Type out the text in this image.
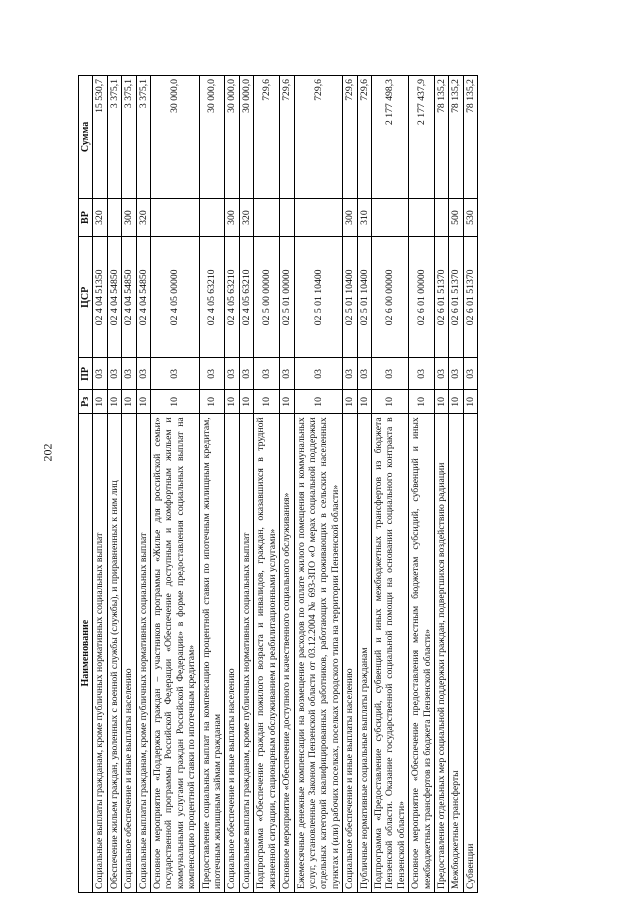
202
Наименование	Рз	ПР	ЦСР	ВР	Сумма
Социальные выплаты гражданам, кроме публичных нормативных социальных выплат	10	03	02 4 04 51350	320	15 530,7
Обеспечение жильем граждан, уволенных с военной службы (службы), и приравненных к ним лиц	10	03	02 4 04 54850		3 375,1
Социальное обеспечение и иные выплаты населению	10	03	02 4 04 54850	300	3 375,1
Социальные выплаты гражданам, кроме публичных нормативных социальных выплат	10	03	02 4 04 54850	320	3 375,1
Основное мероприятие «Поддержка граждан – участников программы «Жилье для российской семьи» государственной программы Российской Федерации «Обеспечение доступным и комфортным жильем и коммунальными услугами граждан Российской Федерации» в форме предоставления социальных выплат на компенсацию процентной ставки по ипотечным кредитам»	10	03	02 4 05 00000		30 000,0
Предоставление социальных выплат на компенсацию процентной ставки по ипотечным жилищным кредитам, ипотечным жилищным займам гражданам	10	03	02 4 05 63210		30 000,0
Социальное обеспечение и иные выплаты населению	10	03	02 4 05 63210	300	30 000,0
Социальные выплаты гражданам, кроме публичных нормативных социальных выплат	10	03	02 4 05 63210	320	30 000,0
Подпрограмма «Обеспечение граждан пожилого возраста и инвалидов, граждан, оказавшихся в трудной жизненной ситуации, стационарным обслуживанием и реабилитационными услугами»	10	03	02 5 00 00000		729,6
Основное мероприятие «Обеспечение доступного и качественного социального обслуживания»	10	03	02 5 01 00000		729,6
Ежемесячные денежные компенсации на возмещение расходов по оплате жилого помещения и коммунальных услуг, установленные Законом Пензенской области от 03.12.2004 № 693-ЗПО «О мерах социальной поддержки отдельных категорий квалифицированных работников, работающих и проживающих в сельских населенных пунктах и (или) рабочих поселках, поселках городского типа на территории Пензенской области»	10	03	02 5 01 10400		729,6
Социальное обеспечение и иные выплаты населению	10	03	02 5 01 10400	300	729,6
Публичные нормативные социальные выплаты гражданам	10	03	02 5 01 10400	310	729,6
Подпрограмма «Предоставление субсидий, субвенций и иных межбюджетных трансфертов из бюджета Пензенской области. Оказание государственной социальной помощи на основании социального контракта в Пензенской области»	10	03	02 6 00 00000		2 177 498,3
Основное мероприятие «Обеспечение предоставления местным бюджетам субсидий, субвенций и иных межбюджетных трансфертов из бюджета Пензенской области»	10	03	02 6 01 00000		2 177 437,9
Предоставление отдельных мер социальной поддержки граждан, подвергшихся воздействию радиации	10	03	02 6 01 51370		78 135,2
Межбюджетные трансферты	10	03	02 6 01 51370	500	78 135,2
Субвенции	10	03	02 6 01 51370	530	78 135,2
